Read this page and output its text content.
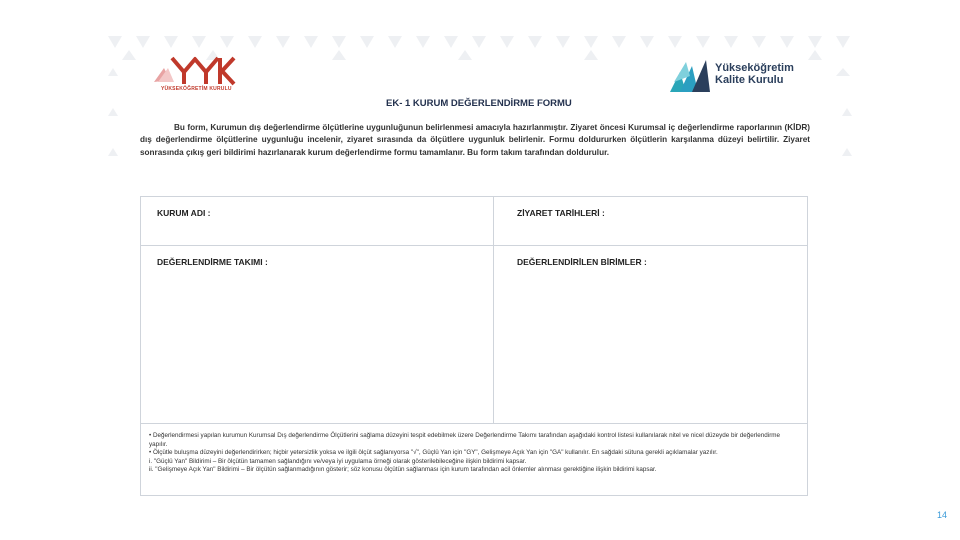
YÜKSEKÖĞRETİM KURULU
Yükseköğretim
Kalite Kurulu
EK- 1 KURUM DEĞERLENDİRME FORMU
Bu form, Kurumun dış değerlendirme ölçütlerine uygunluğunun belirlenmesi amacıyla hazırlanmıştır. Ziyaret öncesi Kurumsal iç değerlendirme raporlarının (KİDR) dış değerlendirme ölçütlerine uygunluğu incelenir, ziyaret sırasında da ölçütlere uygunluk belirlenir. Formu doldururken ölçütlerin karşılanma düzeyi belirtilir. Ziyaret sonrasında çıkış geri bildirimi hazırlanarak kurum değerlendirme formu tamamlanır. Bu form takım tarafından doldurulur.
KURUM ADI :	ZİYARET TARİHLERİ :
DEĞERLENDİRME TAKIMI :	DEĞERLENDİRİLEN BİRİMLER :
• Değerlendirmesi yapılan kurumun Kurumsal Dış değerlendirme Ölçütlerini sağlama düzeyini tespit edebilmek üzere Değerlendirme Takımı tarafından aşağıdaki kontrol listesi kullanılarak nitel ve nicel düzeyde bir değerlendirme yapılır.
• Ölçütle buluşma düzeyini değerlendirirken; hiçbir yetersizlik yoksa ve ilgili ölçüt sağlanıyorsa "√", Güçlü Yan için "GY", Gelişmeye Açık Yan için "GA" kullanılır. En sağdaki sütuna gerekli açıklamalar yazılır.
i. "Güçlü Yan" Bildirimi – Bir ölçütün tamamen sağlandığını ve/veya iyi uygulama örneği olarak gösterilebileceğine ilişkin bildirimi kapsar.
ii. "Gelişmeye Açık Yan" Bildirimi – Bir ölçütün sağlanmadığının gösterir; söz konusu ölçütün sağlanması için kurum tarafından acil önlemler alınması gerektiğine ilişkin bildirimi kapsar.
14
